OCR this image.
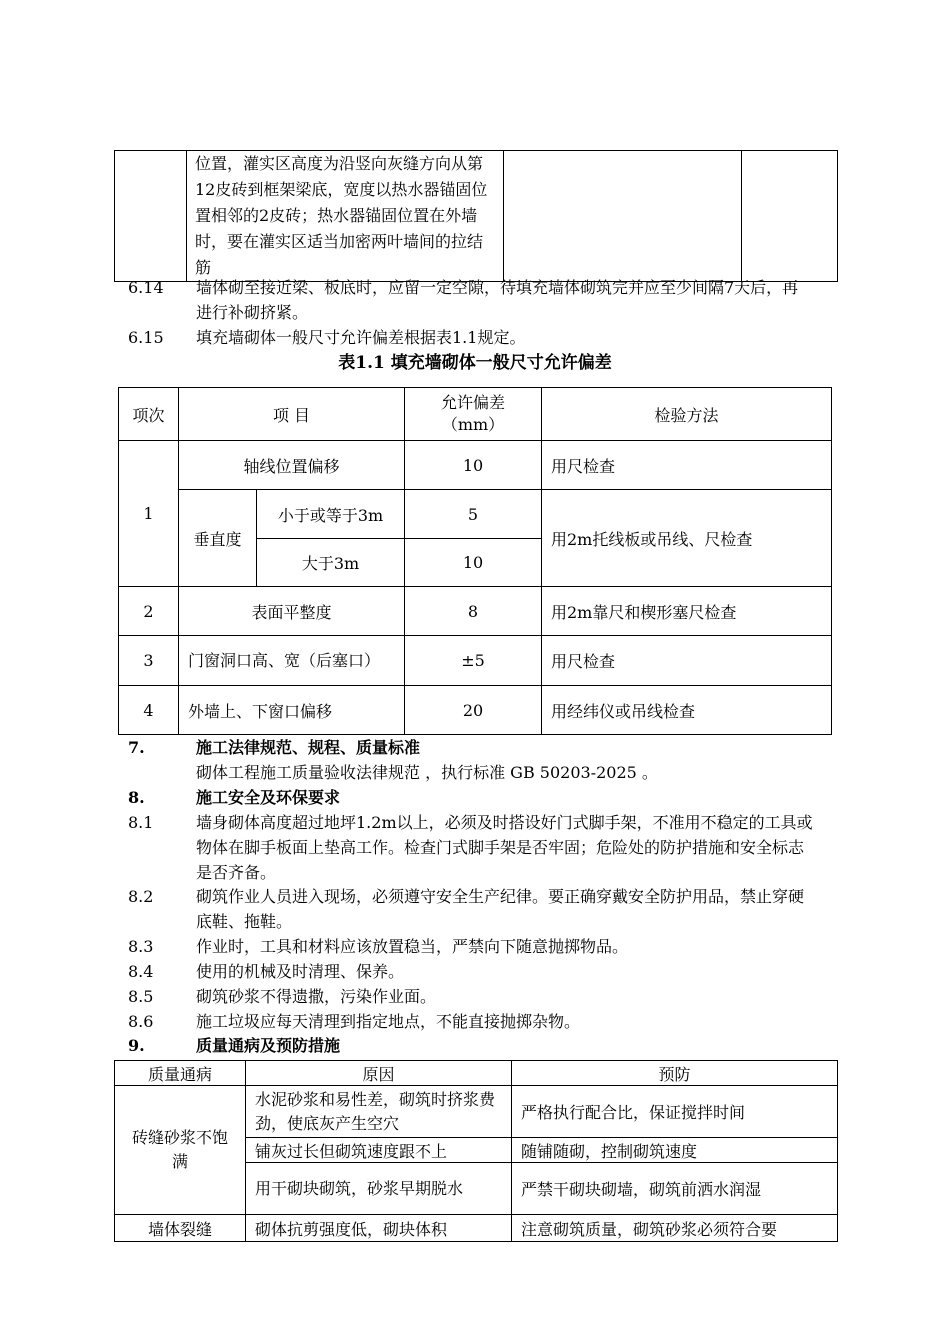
位置，灌实区高度为沿竖向灰缝方向从第12皮砖到框架梁底，宽度以热水器锚固位置相邻的2皮砖；热水器锚固位置在外墙时，要在灌实区适当加密两叶墙间的拉结筋

6.14 墙体砌至接近梁、板底时，应留一定空隙，待填充墙体砌筑完并应至少间隔7天后，再进行补砌挤紧。
6.15 填充墙砌体一般尺寸允许偏差根据表1.1规定。
表1.1 填充墙砌体一般尺寸允许偏差
项次	项 目		允许偏差（mm）	检验方法
1	轴线位置偏移		10	用尺检查
	垂直度	小于或等于3m	5	用2m托线板或吊线、尺检查
		大于3m	10	
2	表面平整度		8	用2m靠尺和楔形塞尺检查
3	门窗洞口高、宽（后塞口）		±5	用尺检查
4	外墙上、下窗口偏移		20	用经纬仪或吊线检查
7.	施工法律规范、规程、质量标准
砌体工程施工质量验收法律规范 ，执行标准 GB 50203-2025 。
8.	施工安全及环保要求
8.1	墙身砌体高度超过地坪1.2m以上，必须及时搭设好门式脚手架，不准用不稳定的工具或物体在脚手板面上垫高工作。检查门式脚手架是否牢固；危险处的防护措施和安全标志是否齐备。
8.2	砌筑作业人员进入现场，必须遵守安全生产纪律。要正确穿戴安全防护用品，禁止穿硬底鞋、拖鞋。
8.3	作业时，工具和材料应该放置稳当，严禁向下随意抛掷物品。
8.4	使用的机械及时清理、保养。
8.5	砌筑砂浆不得遗撒，污染作业面。
8.6	施工垃圾应每天清理到指定地点，不能直接抛掷杂物。
9.	质量通病及预防措施
质量通病	原因	预防
砖缝砂浆不饱满	水泥砂浆和易性差，砌筑时挤浆费劲，使底灰产生空穴	严格执行配合比，保证搅拌时间
	铺灰过长但砌筑速度跟不上	随铺随砌，控制砌筑速度
	用干砌块砌筑，砂浆早期脱水	严禁干砌块砌墙，砌筑前洒水润湿
墙体裂缝	砌体抗剪强度低，砌块体积	注意砌筑质量，砌筑砂浆必须符合要
